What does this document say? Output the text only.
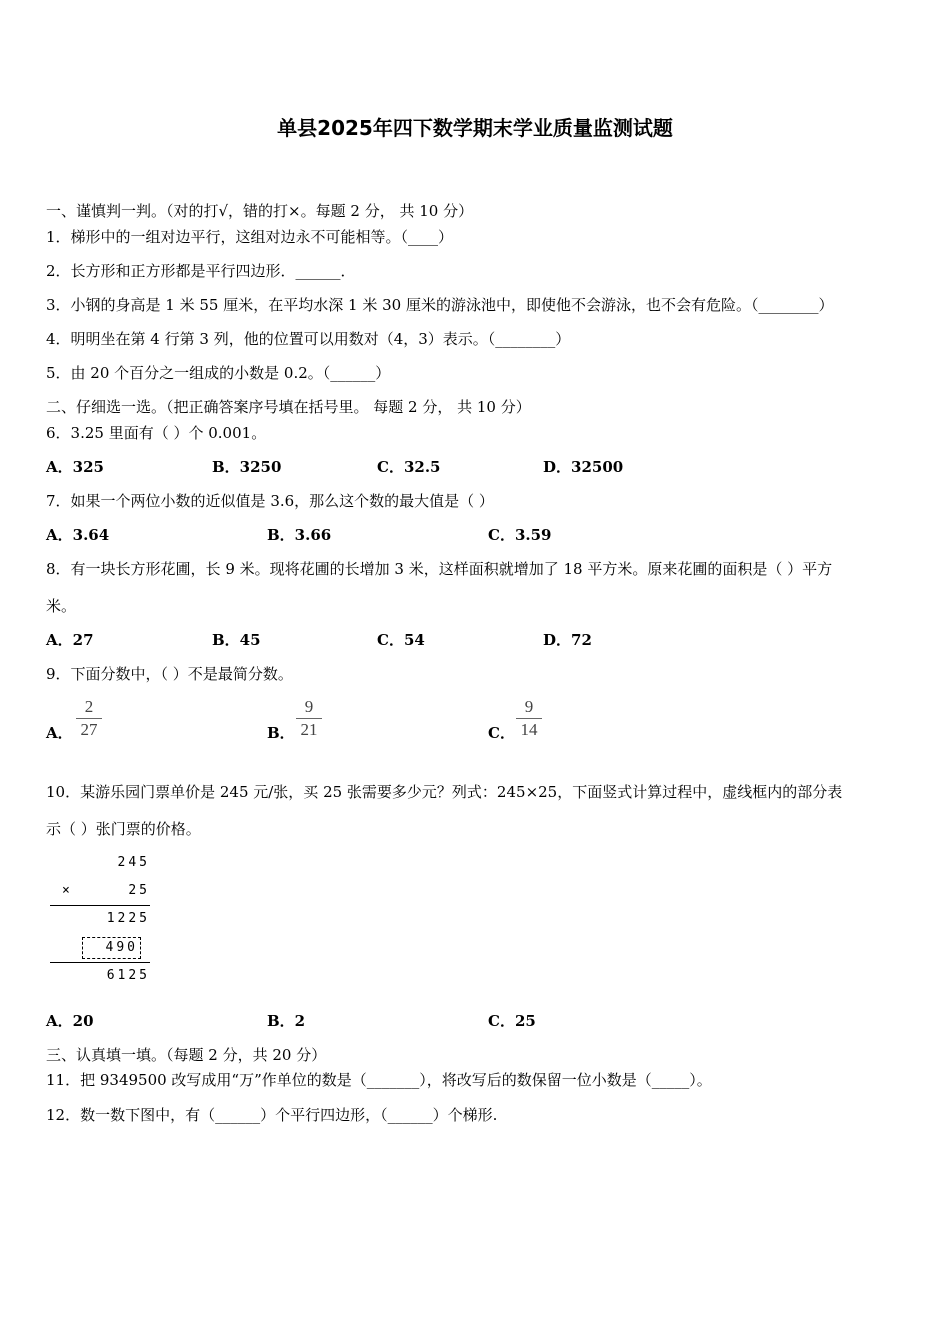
单县2025年四下数学期末学业质量监测试题
一、谨慎判一判。（对的打√，错的打×。每题 2 分， 共 10 分）
1．梯形中的一组对边平行，这组对边永不可能相等。（____）
2．长方形和正方形都是平行四边形．______．
3．小钢的身高是 1 米 55 厘米，在平均水深 1 米 30 厘米的游泳池中，即使他不会游泳，也不会有危险。（________）
4．明明坐在第 4 行第 3 列，他的位置可以用数对（4，3）表示。（________）
5．由 20 个百分之一组成的小数是 0.2。（______）
二、仔细选一选。（把正确答案序号填在括号里。 每题 2 分， 共 10 分）
6．3.25 里面有（ ）个 0.001。
A．325	B．3250	C．32.5	D．32500
7．如果一个两位小数的近似值是 3.6，那么这个数的最大值是（ ）
A．3.64	B．3.66	C．3.59
8．有一块长方形花圃，长 9 米。现将花圃的长增加 3 米，这样面积就增加了 18 平方米。原来花圃的面积是（ ）平方
米。
A．27	B．45	C．54	D．72
9．下面分数中，（ ）不是最简分数。
A．
2
27	B．
9
21	C．
9
14
10．某游乐园门票单价是 245 元/张，买 25 张需要多少元？列式：245×25，下面竖式计算过程中，虚线框内的部分表
示（ ）张门票的价格。
245
×	25
1225
490
6125
A．20	B．2	C．25
三、认真填一填。（每题 2 分，共 20 分）
11．把 9349500 改写成用“万”作单位的数是（_______），将改写后的数保留一位小数是（_____）。
12．数一数下图中，有（______）个平行四边形，（______）个梯形.
